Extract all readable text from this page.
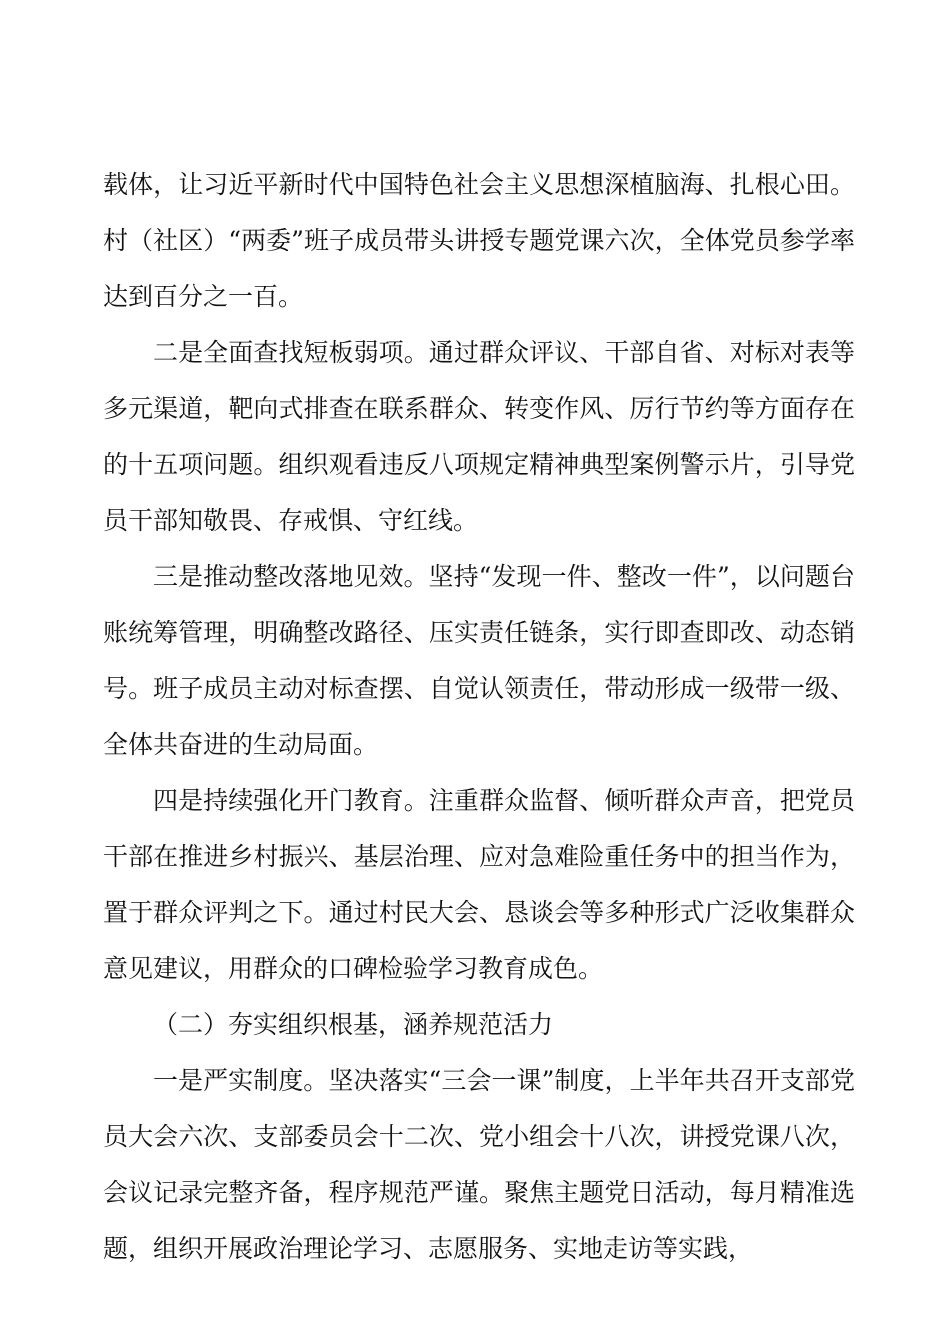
载体，让习近平新时代中国特色社会主义思想深植脑海、扎根心田。村（社区）“两委”班子成员带头讲授专题党课六次，全体党员参学率达到百分之一百。

二是全面查找短板弱项。通过群众评议、干部自省、对标对表等多元渠道，靶向式排查在联系群众、转变作风、厉行节约等方面存在的十五项问题。组织观看违反八项规定精神典型案例警示片，引导党员干部知敬畏、存戒惧、守红线。

三是推动整改落地见效。坚持“发现一件、整改一件”，以问题台账统筹管理，明确整改路径、压实责任链条，实行即查即改、动态销号。班子成员主动对标查摆、自觉认领责任，带动形成一级带一级、全体共奋进的生动局面。

四是持续强化开门教育。注重群众监督、倾听群众声音，把党员干部在推进乡村振兴、基层治理、应对急难险重任务中的担当作为，置于群众评判之下。通过村民大会、恳谈会等多种形式广泛收集群众意见建议，用群众的口碑检验学习教育成色。

（二）夯实组织根基，涵养规范活力

一是严实制度。坚决落实“三会一课”制度，上半年共召开支部党员大会六次、支部委员会十二次、党小组会十八次，讲授党课八次，会议记录完整齐备，程序规范严谨。聚焦主题党日活动，每月精准选题，组织开展政治理论学习、志愿服务、实地走访等实践，
